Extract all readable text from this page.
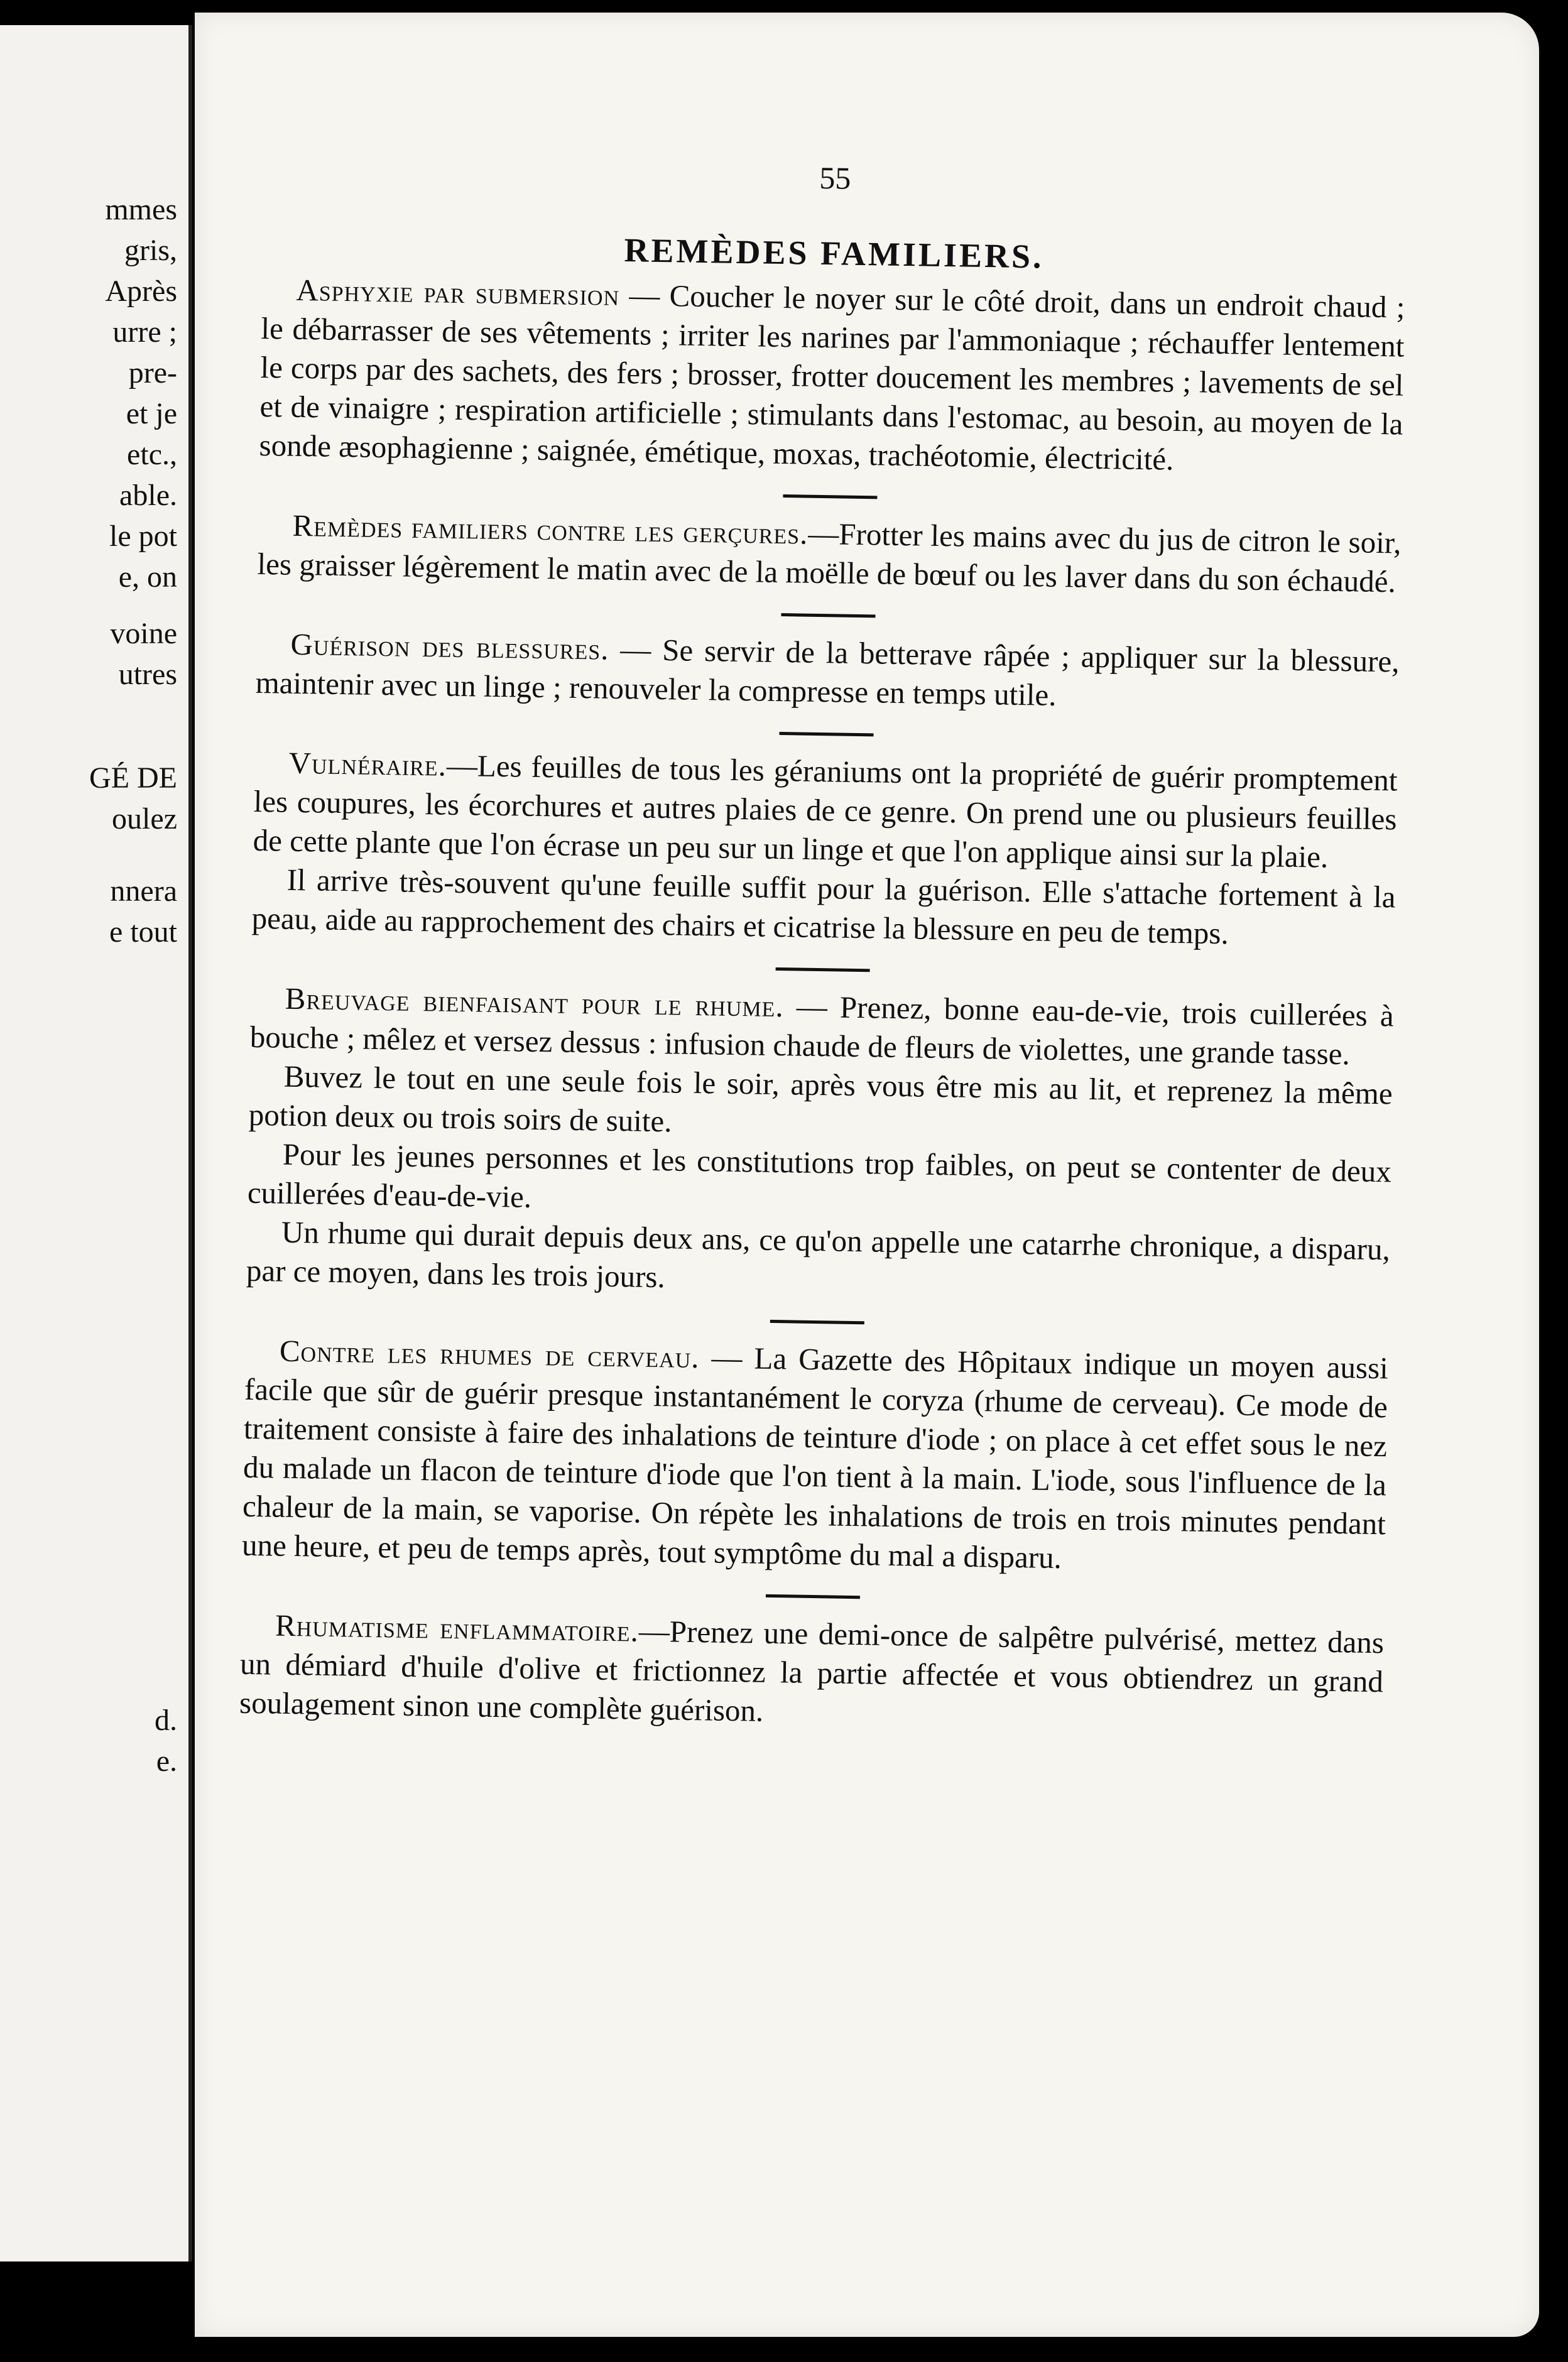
mmes
gris,
Après
urre ;
pre-
et je
etc.,
able.
le pot
e, on
voine
utres
GÉ DE
oulez
nnera
e tout
d.
e.
55
REMÈDES FAMILIERS.

Asphyxie par submersion — Coucher le noyer sur le côté droit, dans un endroit chaud ; le débarrasser de ses vêtements ; irriter les narines par l'ammoniaque ; réchauffer lentement le corps par des sachets, des fers ; brosser, frotter doucement les membres ; lavements de sel et de vinaigre ; respiration artificielle ; stimulants dans l'estomac, au besoin, au moyen de la sonde æsophagienne ; saignée, émétique, moxas, trachéotomie, électricité.

Remèdes familiers contre les gerçures.—Frotter les mains avec du jus de citron le soir, les graisser légèrement le matin avec de la moëlle de bœuf ou les laver dans du son échaudé.

Guérison des blessures. — Se servir de la betterave râpée ; appliquer sur la blessure, maintenir avec un linge ; renouveler la compresse en temps utile.

Vulnéraire.—Les feuilles de tous les géraniums ont la propriété de guérir promptement les coupures, les écorchures et autres plaies de ce genre. On prend une ou plusieurs feuilles de cette plante que l'on écrase un peu sur un linge et que l'on applique ainsi sur la plaie.

Il arrive très-souvent qu'une feuille suffit pour la guérison. Elle s'attache fortement à la peau, aide au rapprochement des chairs et cicatrise la blessure en peu de temps.

Breuvage bienfaisant pour le rhume. — Prenez, bonne eau-de-vie, trois cuillerées à bouche ; mêlez et versez dessus : infusion chaude de fleurs de violettes, une grande tasse.

Buvez le tout en une seule fois le soir, après vous être mis au lit, et reprenez la même potion deux ou trois soirs de suite.

Pour les jeunes personnes et les constitutions trop faibles, on peut se contenter de deux cuillerées d'eau-de-vie.

Un rhume qui durait depuis deux ans, ce qu'on appelle une catarrhe chronique, a disparu, par ce moyen, dans les trois jours.

Contre les rhumes de cerveau. — La Gazette des Hôpitaux indique un moyen aussi facile que sûr de guérir presque instantanément le coryza (rhume de cerveau). Ce mode de traitement consiste à faire des inhalations de teinture d'iode ; on place à cet effet sous le nez du malade un flacon de teinture d'iode que l'on tient à la main. L'iode, sous l'influence de la chaleur de la main, se vaporise. On répète les inhalations de trois en trois minutes pendant une heure, et peu de temps après, tout symptôme du mal a disparu.

Rhumatisme enflammatoire.—Prenez une demi-once de salpêtre pulvérisé, mettez dans un démiard d'huile d'olive et frictionnez la partie affectée et vous obtiendrez un grand soulagement sinon une complète guérison.
